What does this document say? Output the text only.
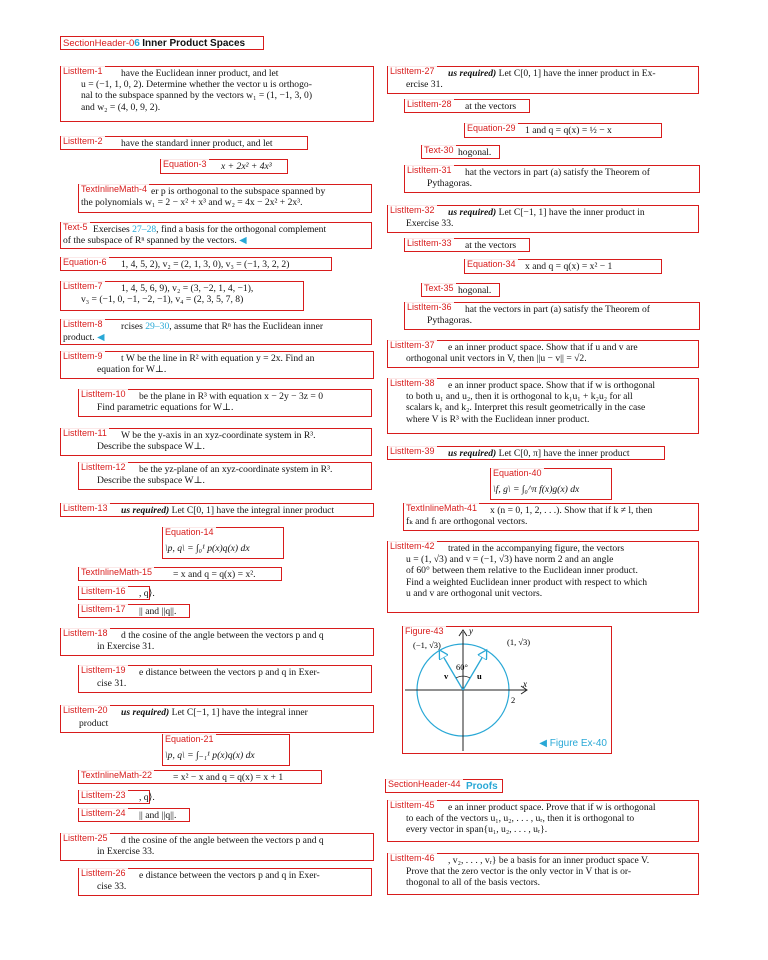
SectionHeader-06 Inner Product Spaces
ListItem-1	have the Euclidean inner product, and let
u = (−1, 1, 0, 2). Determine whether the vector u is orthogo-
nal to the subspace spanned by the vectors w₁ = (1, −1, 3, 0)
and w₂ = (4, 0, 9, 2).
ListItem-2	have the standard inner product, and let
Equation-3	x + 2x² + 4x³
TextInlineMath-4 er p is orthogonal to the subspace spanned by
the polynomials w₁ = 2 − x² + x³ and w₂ = 4x − 2x² + 2x³.
Text-5 Exercises 27–28, find a basis for the orthogonal complement
of the subspace of Rⁿ spanned by the vectors. ◀
Equation-6	1, 4, 5, 2), v₂ = (2, 1, 3, 0), v₃ = (−1, 3, 2, 2)
ListItem-7	1, 4, 5, 6, 9), v₂ = (3, −2, 1, 4, −1),
v₃ = (−1, 0, −1, −2, −1), v₄ = (2, 3, 5, 7, 8)
ListItem-8	rcises 29–30, assume that Rⁿ has the Euclidean inner
product. ◀
ListItem-9	t W be the line in R² with equation y = 2x. Find an
equation for W⊥.
ListItem-10	be the plane in R³ with equation x − 2y − 3z = 0
Find parametric equations for W⊥.
ListItem-11	W be the y-axis in an xyz-coordinate system in R³.
Describe the subspace W⊥.
ListItem-12	be the yz-plane of an xyz-coordinate system in R³.
Describe the subspace W⊥.
ListItem-13	us required) Let C[0, 1] have the integral inner product
Equation-14
\p, q\ = ∫₀¹ p(x)q(x) dx
TextInlineMath-15	= x and q = q(x) = x².
ListItem-16	, q⟩.
ListItem-17	|| and ||q||.
ListItem-18	d the cosine of the angle between the vectors p and q
in Exercise 31.
ListItem-19	e distance between the vectors p and q in Exer-
cise 31.
ListItem-20	us required) Let C[−1, 1] have the integral inner
product
Equation-21
\p, q\ = ∫₋₁¹ p(x)q(x) dx
TextInlineMath-22	= x² − x and q = q(x) = x + 1
ListItem-23	, q⟩.
ListItem-24	|| and ||q||.
ListItem-25	d the cosine of the angle between the vectors p and q
in Exercise 33.
ListItem-26	e distance between the vectors p and q in Exer-
cise 33.
ListItem-27	us required) Let C[0, 1] have the inner product in Ex-
ercise 31.
ListItem-28	at the vectors
Equation-29 1 and q = q(x) = ½ − x
Text-30 hogonal.
ListItem-31	hat the vectors in part (a) satisfy the Theorem of
Pythagoras.
ListItem-32	us required) Let C[−1, 1] have the inner product in
Exercise 33.
ListItem-33	at the vectors
Equation-34 x and q = q(x) = x² − 1
Text-35 hogonal.
ListItem-36	hat the vectors in part (a) satisfy the Theorem of
Pythagoras.
ListItem-37	e an inner product space. Show that if u and v are
orthogonal unit vectors in V, then ||u − v|| = √2.
ListItem-38	e an inner product space. Show that if w is orthogonal
to both u₁ and u₂, then it is orthogonal to k₁u₁ + k₂u₂ for all
scalars k₁ and k₂. Interpret this result geometrically in the case
where V is R³ with the Euclidean inner product.
ListItem-39	us required) Let C[0, π] have the inner product
Equation-40
\f, g\ = ∫₀^π f(x)g(x) dx
TextInlineMath-41	x (n = 0, 1, 2, . . .). Show that if k ≠ l, then
fₖ and fₗ are orthogonal vectors.
ListItem-42	trated in the accompanying figure, the vectors
u = (1, √3) and v = (−1, √3) have norm 2 and an angle
of 60° between them relative to the Euclidean inner product.
Find a weighted Euclidean inner product with respect to which
u and v are orthogonal unit vectors.
Figure-43	y
x
(−1, √3)	(1, √3)
60°
v	u
2
◀ Figure Ex-40
SectionHeader-44 Proofs
ListItem-45	e an inner product space. Prove that if w is orthogonal
to each of the vectors u₁, u₂, . . . , uᵣ, then it is orthogonal to
every vector in span{u₁, u₂, . . . , uᵣ}.
ListItem-46	, v₂, . . . , vᵣ} be a basis for an inner product space V.
Prove that the zero vector is the only vector in V that is or-
thogonal to all of the basis vectors.
